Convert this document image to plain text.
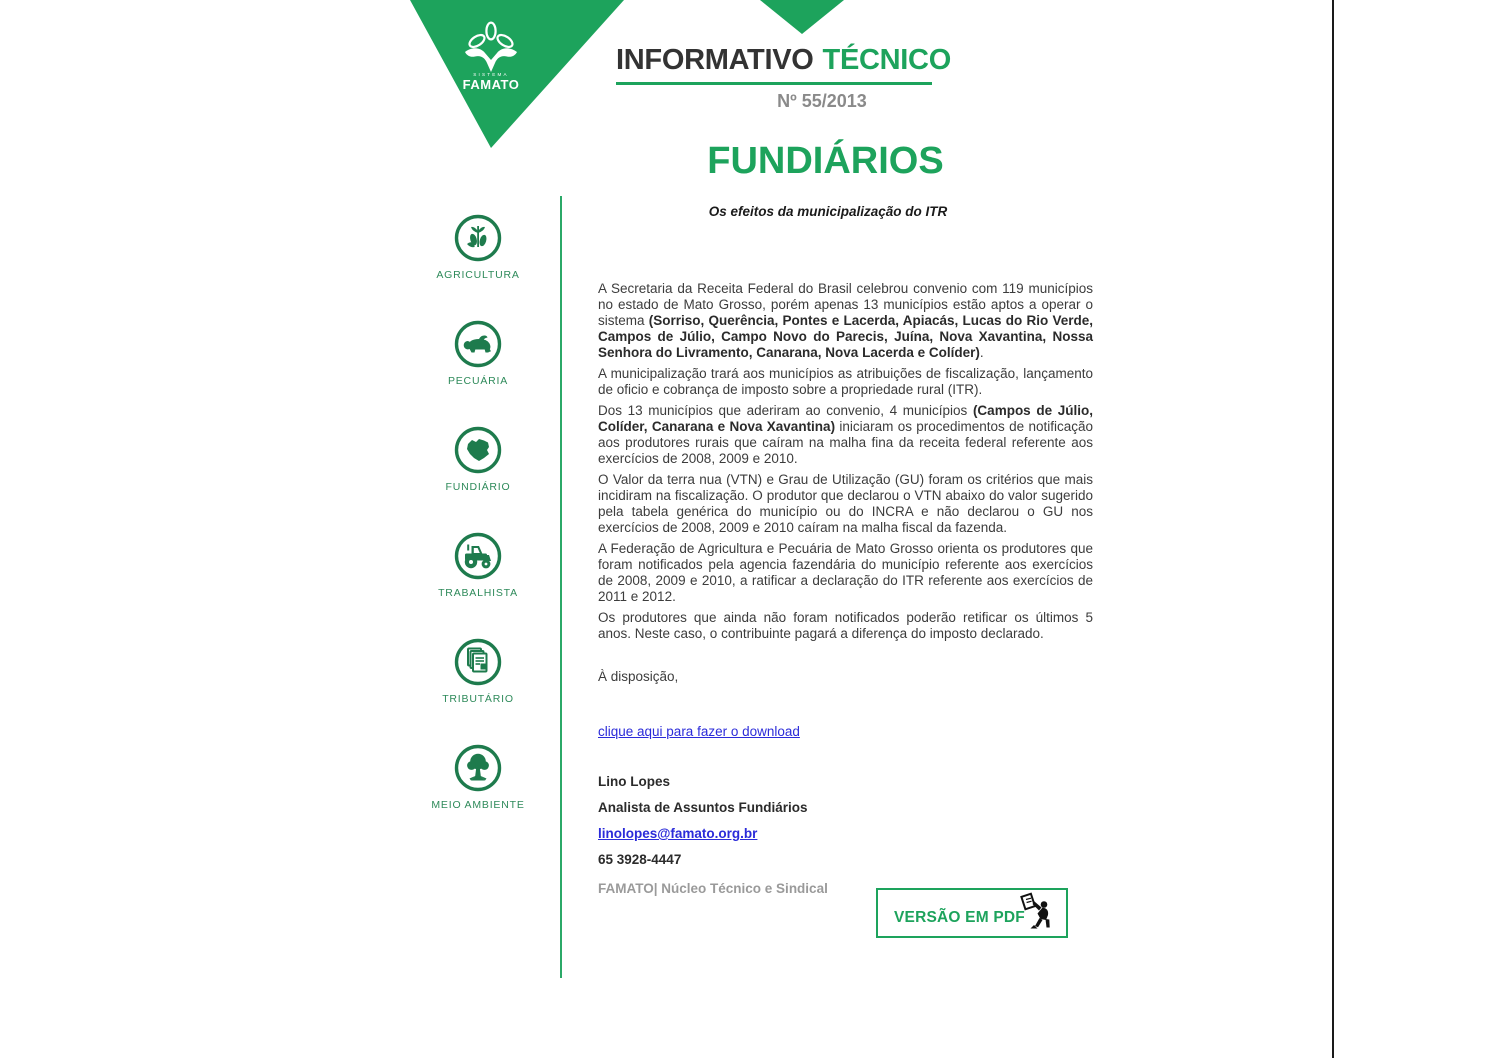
SISTEMA
FAMATO
INFORMATIVO TÉCNICO
Nº 55/2013
FUNDIÁRIOS
Os efeitos da municipalização do ITR
AGRICULTURA
PECUÁRIA
FUNDIÁRIO
TRABALHISTA
TRIBUTÁRIO
MEIO AMBIENTE

A Secretaria da Receita Federal do Brasil celebrou convenio com 119 municípios no estado de Mato Grosso, porém apenas 13 municípios estão aptos a operar o sistema (Sorriso, Querência, Pontes e Lacerda, Apiacás, Lucas do Rio Verde, Campos de Júlio, Campo Novo do Parecis, Juína, Nova Xavantina, Nossa Senhora do Livramento, Canarana, Nova Lacerda e Colíder).

A municipalização trará aos municípios as atribuições de fiscalização, lançamento de oficio e cobrança de imposto sobre a propriedade rural (ITR).

Dos 13 municípios que aderiram ao convenio, 4 municípios (Campos de Júlio, Colíder, Canarana e Nova Xavantina) iniciaram os procedimentos de notificação aos produtores rurais que caíram na malha fina da receita federal referente aos exercícios de 2008, 2009 e 2010.

O Valor da terra nua (VTN) e Grau de Utilização (GU) foram os critérios que mais incidiram na fiscalização. O produtor que declarou o VTN abaixo do valor sugerido pela tabela genérica do município ou do INCRA e não declarou o GU nos exercícios de 2008, 2009 e 2010 caíram na malha fiscal da fazenda.

A Federação de Agricultura e Pecuária de Mato Grosso orienta os produtores que foram notificados pela agencia fazendária do município referente aos exercícios de 2008, 2009 e 2010, a ratificar a declaração do ITR referente aos exercícios de 2011 e 2012.

Os produtores que ainda não foram notificados poderão retificar os últimos 5 anos. Neste caso, o contribuinte pagará a diferença do imposto declarado.

À disposição,

clique aqui para fazer o download
Lino Lopes
Analista de Assuntos Fundiários
linolopes@famato.org.br
65 3928-4447
FAMATO| Núcleo Técnico e Sindical
VERSÃO EM PDF
